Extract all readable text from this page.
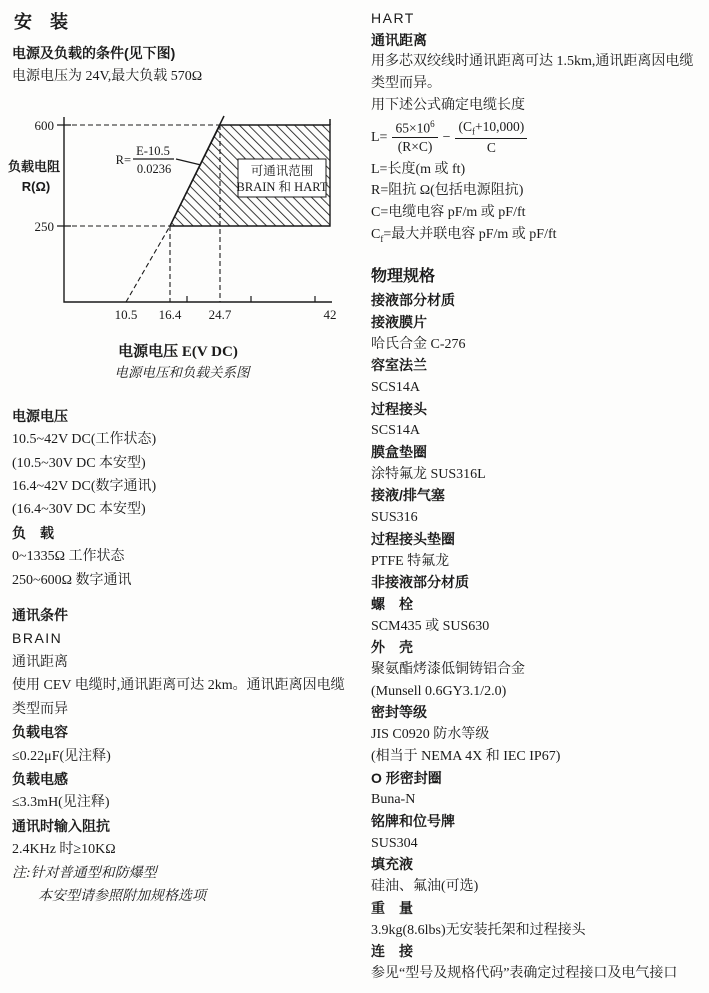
安　装
电源及负载的条件(见下图)
电源电压为 24V,最大负载 570Ω
R=
E-10.5
0.0236	可通讯范围
BRAIN 和 HART
600
250
负载电阻
R(Ω)
10.5 16.4 24.7	42
电源电压 E(V DC)
电源电压和负载关系图
电源电压
10.5~42V DC(工作状态)
(10.5~30V DC 本安型)
16.4~42V DC(数字通讯)
(16.4~30V DC 本安型)
负　载
0~1335Ω 工作状态
250~600Ω 数字通讯
通讯条件
BRAIN
通讯距离
使用 CEV 电缆时,通讯距离可达 2km。通讯距离因电缆类型而异
负载电容
≤0.22μF(见注释)
负载电感
≤3.3mH(见注释)
通讯时输入阻抗
2.4KHz 时≥10KΩ
注:针对普通型和防爆型
本安型请参照附加规格选项
HART
通讯距离
用多芯双绞线时通讯距离可达 1.5km,通讯距离因电缆类型而异。
用下述公式确定电缆长度
$L= \frac{65\times 10^6}{(R\times C)} - \frac{(C_f+10,000)}{C}$
L=长度(m 或 ft)
R=阻抗 Ω(包括电源阻抗)
C=电缆电容 pF/m 或 pF/ft
$C_f=$最大并联电容 pF/m 或 pF/ft
物理规格
接液部分材质
接液膜片
哈氏合金 C-276
容室法兰
SCS14A
过程接头
SCS14A
膜盒垫圈
涂特氟龙 SUS316L
接液/排气塞
SUS316
过程接头垫圈
PTFE 特氟龙
非接液部分材质
螺　栓
SCM435 或 SUS630
外　壳
聚氨酯烤漆低铜铸铝合金
(Munsell 0.6GY3.1/2.0)
密封等级
JIS C0920 防水等级
(相当于 NEMA 4X 和 IEC IP67)
O 形密封圈
Buna-N
铭牌和位号牌
SUS304
填充液
硅油、氟油(可选)
重　量
3.9kg(8.6lbs)无安装托架和过程接头
连　接
参见“型号及规格代码”表确定过程接口及电气接口
